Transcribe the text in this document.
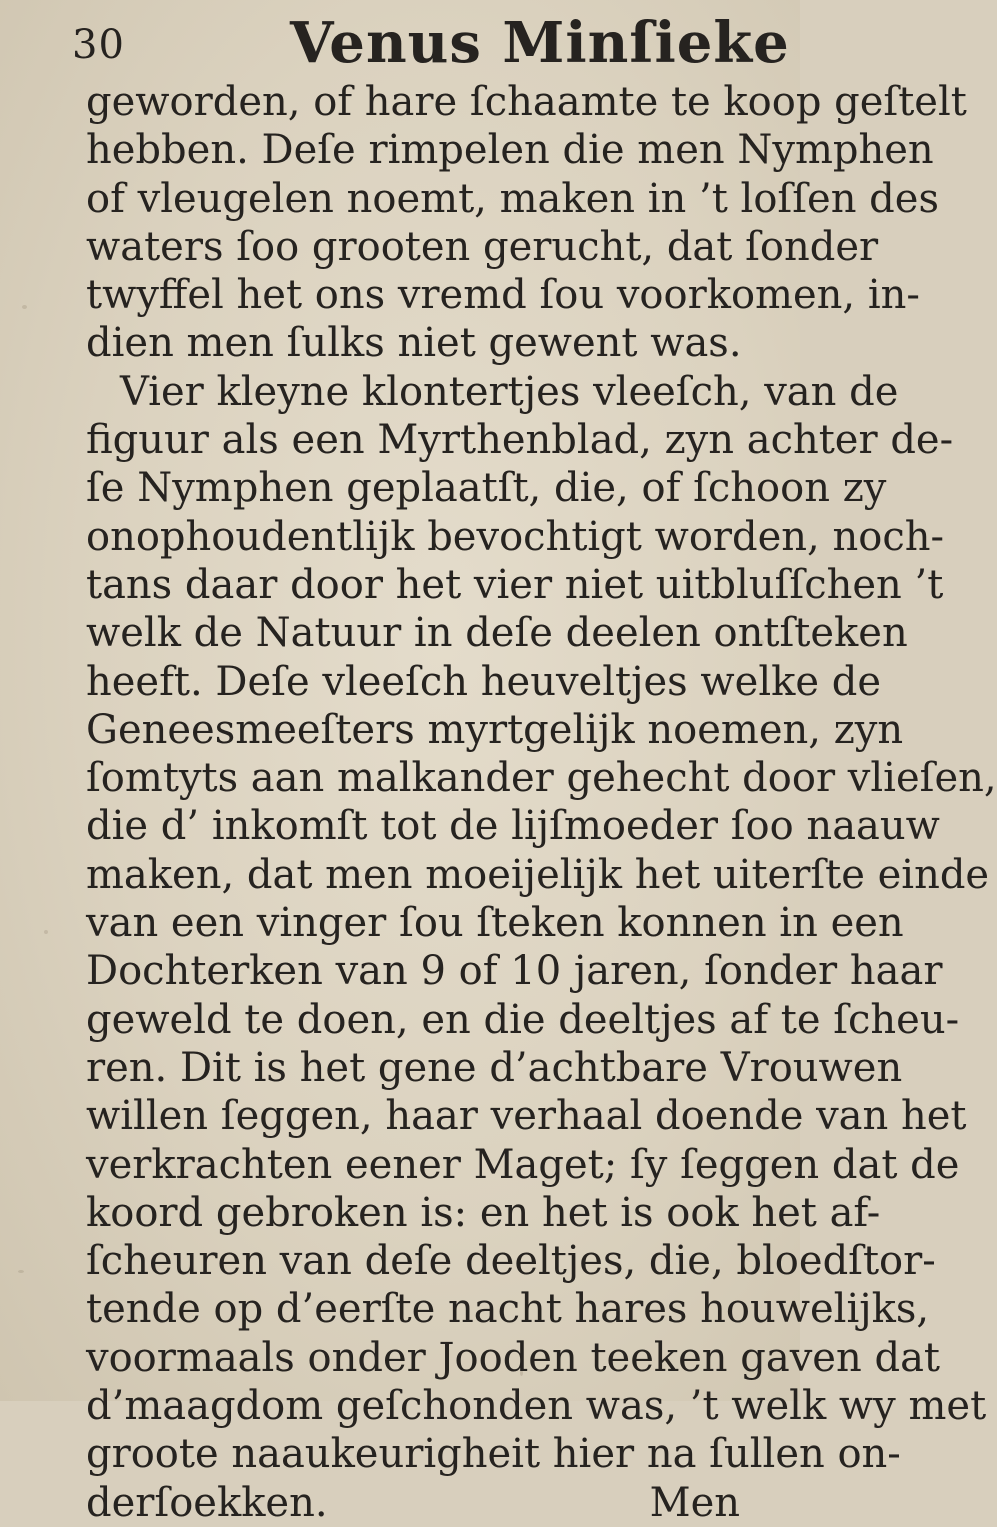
30	Venus Minſieke
geworden, of hare ſchaamte te koop geſtelt
hebben. Deſe rimpelen die men Nymphen
of vleugelen noemt, maken in ’t loſſen des
waters ſoo grooten gerucht, dat ſonder
twyffel het ons vremd ſou voorkomen, in-
dien men ſulks niet gewent was.
Vier kleyne klontertjes vleeſch, van de
figuur als een Myrthenblad, zyn achter de-
ſe Nymphen geplaatſt, die, of ſchoon zy
onophoudentlijk bevochtigt worden, noch-
tans daar door het vier niet uitbluſſchen ’t
welk de Natuur in deſe deelen ontſteken
heeft. Deſe vleeſch heuveltjes welke de
Geneesmeeſters myrtgelijk noemen, zyn
ſomtyts aan malkander gehecht door vlieſen,
die d’ inkomſt tot de lijſmoeder ſoo naauw
maken, dat men moeijelijk het uiterſte einde
van een vinger ſou ſteken konnen in een
Dochterken van 9 of 10 jaren, ſonder haar
geweld te doen, en die deeltjes af te ſcheu-
ren. Dit is het gene d’achtbare Vrouwen
willen ſeggen, haar verhaal doende van het
verkrachten eener Maget; ſy ſeggen dat de
koord gebroken is: en het is ook het af-
ſcheuren van deſe deeltjes, die, bloedſtor-
tende op d’eerſte nacht hares houwelijks,
voormaals onder Jooden teeken gaven dat
d’maagdom geſchonden was, ’t welk wy met
groote naaukeurigheit hier na ſullen on-
derſoekken.	Men
